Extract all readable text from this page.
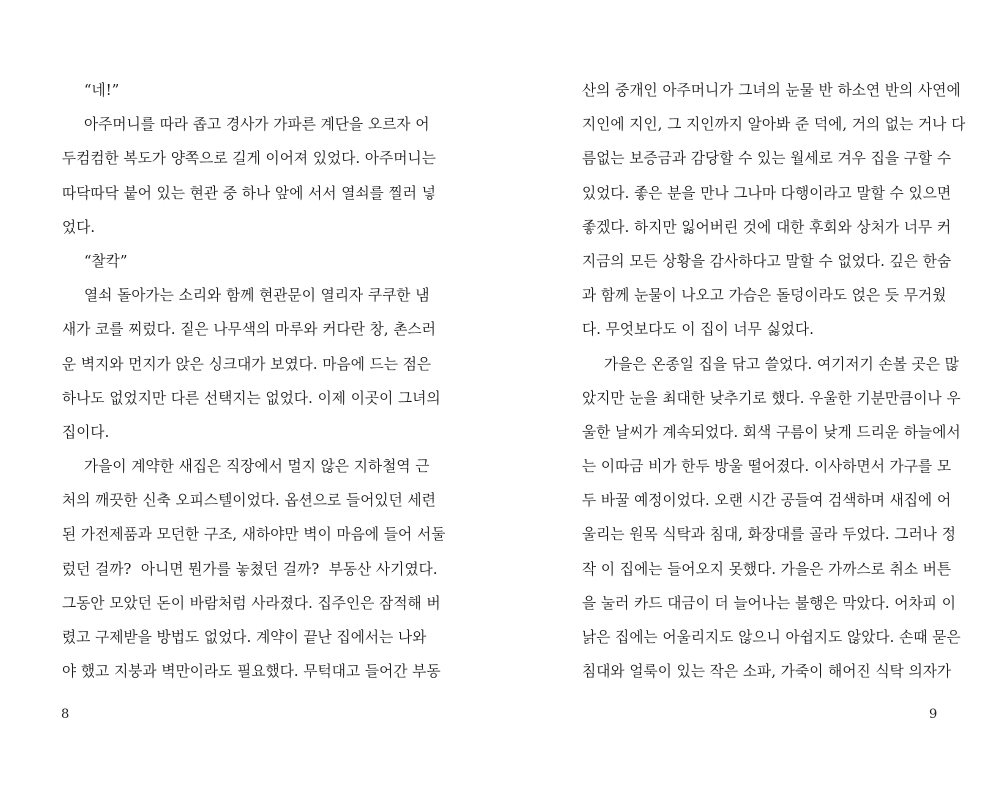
“네!”
아주머니를 따라 좁고 경사가 가파른 계단을 오르자 어
두컴컴한 복도가 양쪽으로 길게 이어져 있었다. 아주머니는
따닥따닥 붙어 있는 현관 중 하나 앞에 서서 열쇠를 찔러 넣
었다.
“찰칵”
열쇠 돌아가는 소리와 함께 현관문이 열리자 쿠쿠한 냄
새가 코를 찌렀다. 짙은 나무색의 마루와 커다란 창, 촌스러
운 벽지와 먼지가 앉은 싱크대가 보였다. 마음에 드는 점은
하나도 없었지만 다른 선택지는 없었다. 이제 이곳이 그녀의
집이다.
가을이 계약한 새집은 직장에서 멀지 않은 지하철역 근
처의 깨끗한 신축 오피스텔이었다. 옵션으로 들어있던 세련
된 가전제품과 모던한 구조, 새하야만 벽이 마음에 들어 서둘
렀던 걸까?  아니면 뭔가를 놓쳤던 걸까?  부동산 사기였다.
그동안 모았던 돈이 바람처럼 사라졌다. 집주인은 잠적해 버
렸고 구제받을 방법도 없었다. 계약이 끝난 집에서는 나와
야 했고 지붕과 벽만이라도 필요했다. 무턱대고 들어간 부동
8
산의 중개인 아주머니가 그녀의 눈물 반 하소연 반의 사연에
지인에 지인, 그 지인까지 알아봐 준 덕에, 거의 없는 거나 다
름없는 보증금과 감당할 수 있는 월세로 겨우 집을 구할 수
있었다. 좋은 분을 만나 그나마 다행이라고 말할 수 있으면
좋겠다. 하지만 잃어버린 것에 대한 후회와 상처가 너무 커
지금의 모든 상황을 감사하다고 말할 수 없었다. 깊은 한숨
과 함께 눈물이 나오고 가슴은 돌덩이라도 얹은 듯 무거웠
다. 무엇보다도 이 집이 너무 싫었다.
가을은 온종일 집을 닦고 쓸었다. 여기저기 손볼 곳은 많
았지만 눈을 최대한 낮추기로 했다. 우울한 기분만큼이나 우
울한 날씨가 계속되었다. 회색 구름이 낮게 드리운 하늘에서
는 이따금 비가 한두 방울 떨어졌다. 이사하면서 가구를 모
두 바꿀 예정이었다. 오랜 시간 공들여 검색하며 새집에 어
울리는 원목 식탁과 침대, 화장대를 골라 두었다. 그러나 정
작 이 집에는 들어오지 못했다. 가을은 가까스로 취소 버튼
을 눌러 카드 대금이 더 늘어나는 불행은 막았다. 어차피 이
낡은 집에는 어울리지도 않으니 아쉽지도 않았다. 손때 묻은
침대와 얼룩이 있는 작은 소파, 가죽이 해어진 식탁 의자가
9
